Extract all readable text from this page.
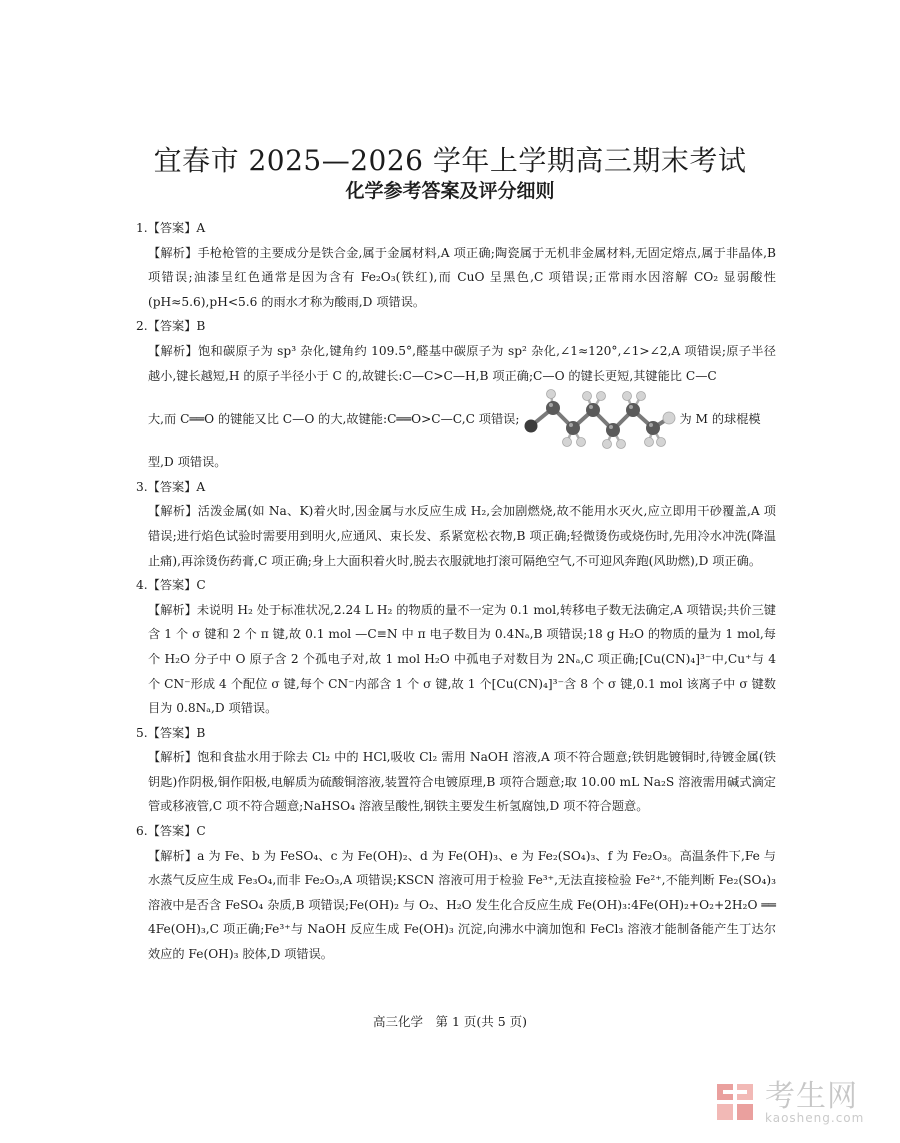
宜春市 2025—2026 学年上学期高三期末考试
化学参考答案及评分细则

1.【答案】A

【解析】手枪枪管的主要成分是铁合金,属于金属材料,A 项正确;陶瓷属于无机非金属材料,无固定熔点,属于非晶体,B 项错误;油漆呈红色通常是因为含有 Fe₂O₃(铁红),而 CuO 呈黑色,C 项错误;正常雨水因溶解 CO₂ 显弱酸性(pH≈5.6),pH<5.6 的雨水才称为酸雨,D 项错误。

2.【答案】B

【解析】饱和碳原子为 sp³ 杂化,键角约 109.5°,醛基中碳原子为 sp² 杂化,∠1≈120°,∠1>∠2,A 项错误;原子半径越小,键长越短,H 的原子半径小于 C 的,故键长:C—C>C—H,B 项正确;C—O 的键长更短,其键能比 C—C

大,而 C══O 的键能又比 C—O 的大,故键能:C══O>C—C,C 项错误;	为 M 的球棍模

型,D 项错误。

3.【答案】A

【解析】活泼金属(如 Na、K)着火时,因金属与水反应生成 H₂,会加剧燃烧,故不能用水灭火,应立即用干砂覆盖,A 项错误;进行焰色试验时需要用到明火,应通风、束长发、系紧宽松衣物,B 项正确;轻微烫伤或烧伤时,先用冷水冲洗(降温止痛),再涂烫伤药膏,C 项正确;身上大面积着火时,脱去衣服就地打滚可隔绝空气,不可迎风奔跑(风助燃),D 项正确。

4.【答案】C

【解析】未说明 H₂ 处于标准状况,2.24 L H₂ 的物质的量不一定为 0.1 mol,转移电子数无法确定,A 项错误;共价三键含 1 个 σ 键和 2 个 π 键,故 0.1 mol —C≡N 中 π 电子数目为 0.4Nₐ,B 项错误;18 g H₂O 的物质的量为 1 mol,每个 H₂O 分子中 O 原子含 2 个孤电子对,故 1 mol H₂O 中孤电子对数目为 2Nₐ,C 项正确;[Cu(CN)₄]³⁻中,Cu⁺与 4 个 CN⁻形成 4 个配位 σ 键,每个 CN⁻内部含 1 个 σ 键,故 1 个[Cu(CN)₄]³⁻含 8 个 σ 键,0.1 mol 该离子中 σ 键数目为 0.8Nₐ,D 项错误。

5.【答案】B

【解析】饱和食盐水用于除去 Cl₂ 中的 HCl,吸收 Cl₂ 需用 NaOH 溶液,A 项不符合题意;铁钥匙镀铜时,待镀金属(铁钥匙)作阴极,铜作阳极,电解质为硫酸铜溶液,装置符合电镀原理,B 项符合题意;取 10.00 mL Na₂S 溶液需用碱式滴定管或移液管,C 项不符合题意;NaHSO₄ 溶液呈酸性,钢铁主要发生析氢腐蚀,D 项不符合题意。

6.【答案】C

【解析】a 为 Fe、b 为 FeSO₄、c 为 Fe(OH)₂、d 为 Fe(OH)₃、e 为 Fe₂(SO₄)₃、f 为 Fe₂O₃。高温条件下,Fe 与水蒸气反应生成 Fe₃O₄,而非 Fe₂O₃,A 项错误;KSCN 溶液可用于检验 Fe³⁺,无法直接检验 Fe²⁺,不能判断 Fe₂(SO₄)₃ 溶液中是否含 FeSO₄ 杂质,B 项错误;Fe(OH)₂ 与 O₂、H₂O 发生化合反应生成 Fe(OH)₃:4Fe(OH)₂+O₂+2H₂O ══ 4Fe(OH)₃,C 项正确;Fe³⁺与 NaOH 反应生成 Fe(OH)₃ 沉淀,向沸水中滴加饱和 FeCl₃ 溶液才能制备能产生丁达尔效应的 Fe(OH)₃ 胶体,D 项错误。

高三化学　第 1 页(共 5 页)
考生网
kaosheng.com
